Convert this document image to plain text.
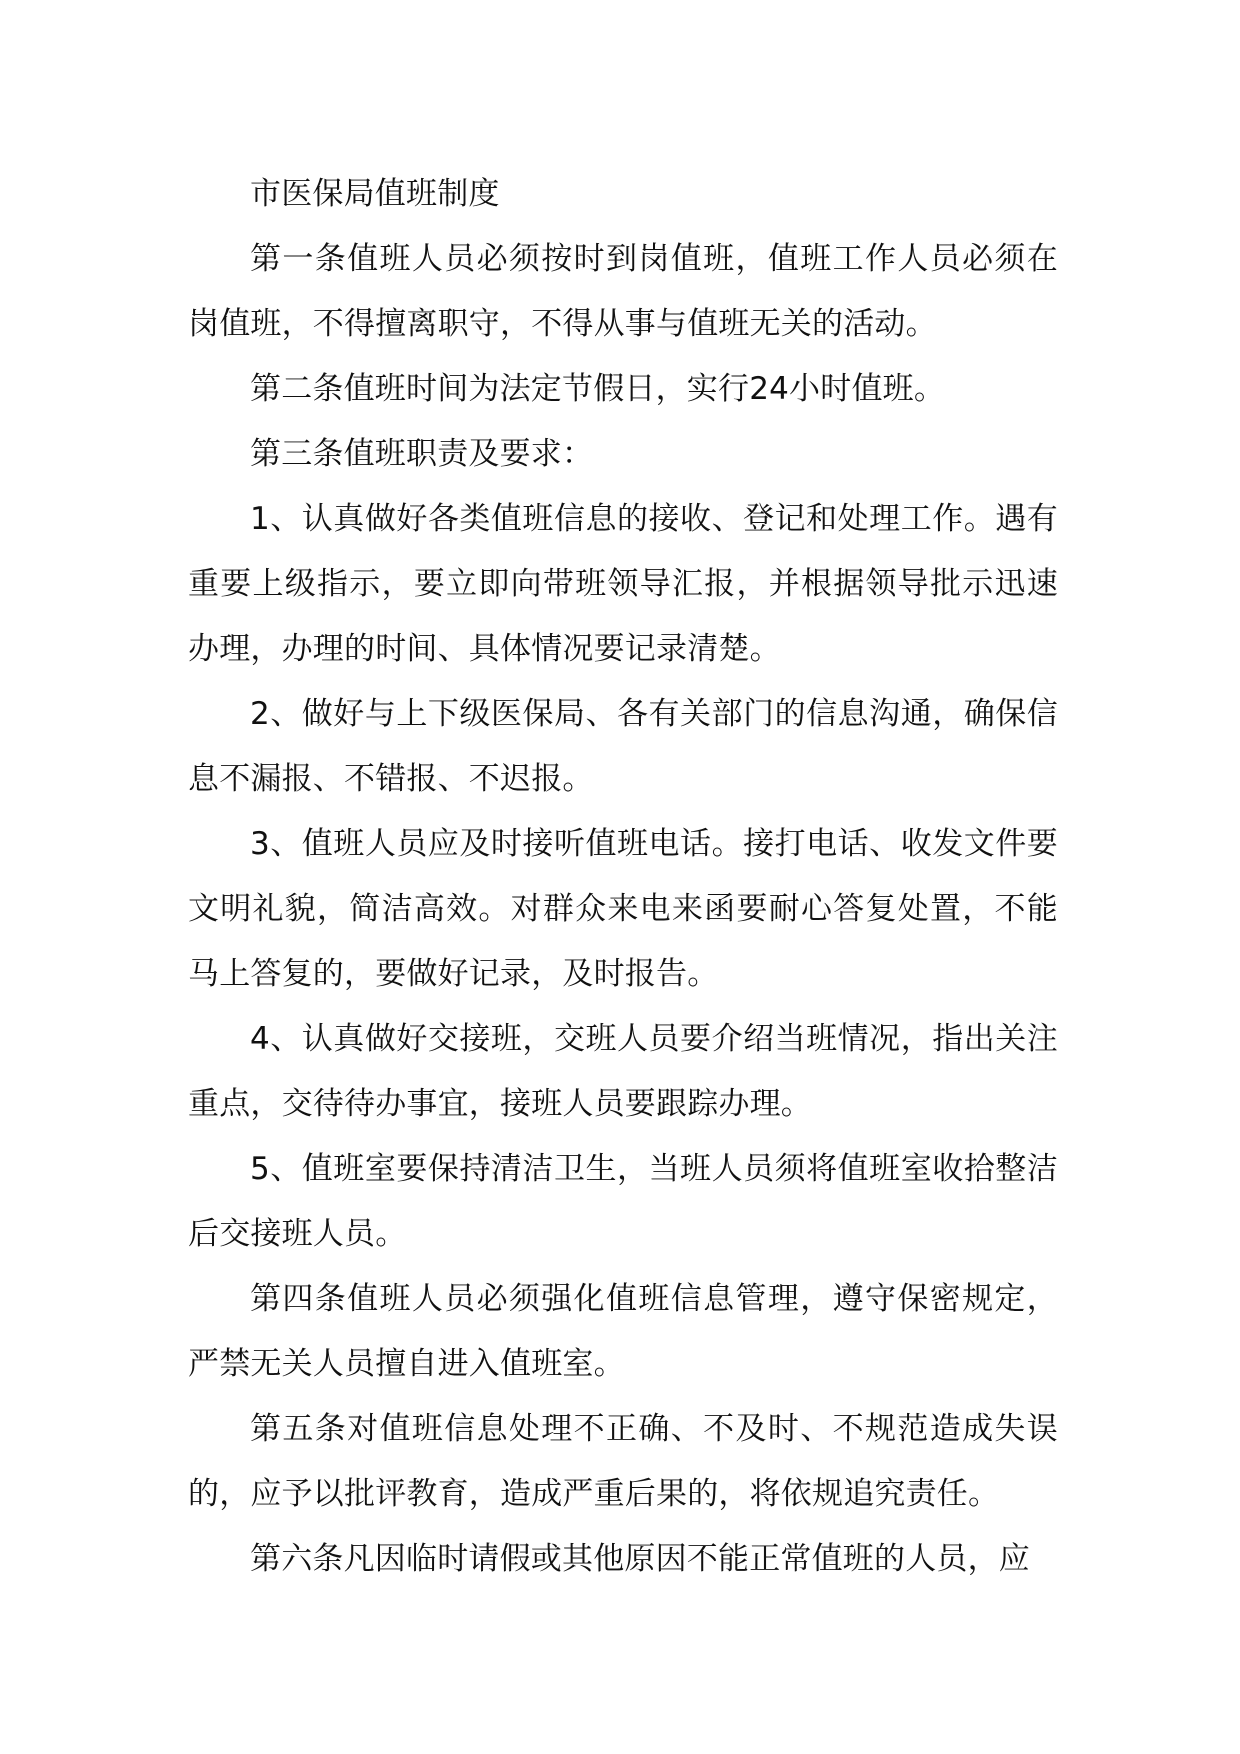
市医保局值班制度

第一条值班人员必须按时到岗值班，值班工作人员必须在岗值班，不得擅离职守，不得从事与值班无关的活动。

第二条值班时间为法定节假日，实行24小时值班。

第三条值班职责及要求：

1、认真做好各类值班信息的接收、登记和处理工作。遇有重要上级指示，要立即向带班领导汇报，并根据领导批示迅速办理，办理的时间、具体情况要记录清楚。

2、做好与上下级医保局、各有关部门的信息沟通，确保信息不漏报、不错报、不迟报。

3、值班人员应及时接听值班电话。接打电话、收发文件要文明礼貌，简洁高效。对群众来电来函要耐心答复处置，不能马上答复的，要做好记录，及时报告。

4、认真做好交接班，交班人员要介绍当班情况，指出关注重点，交待待办事宜，接班人员要跟踪办理。

5、值班室要保持清洁卫生，当班人员须将值班室收拾整洁后交接班人员。

第四条值班人员必须强化值班信息管理，遵守保密规定，严禁无关人员擅自进入值班室。

第五条对值班信息处理不正确、不及时、不规范造成失误的，应予以批评教育，造成严重后果的，将依规追究责任。

第六条凡因临时请假或其他原因不能正常值班的人员，应
